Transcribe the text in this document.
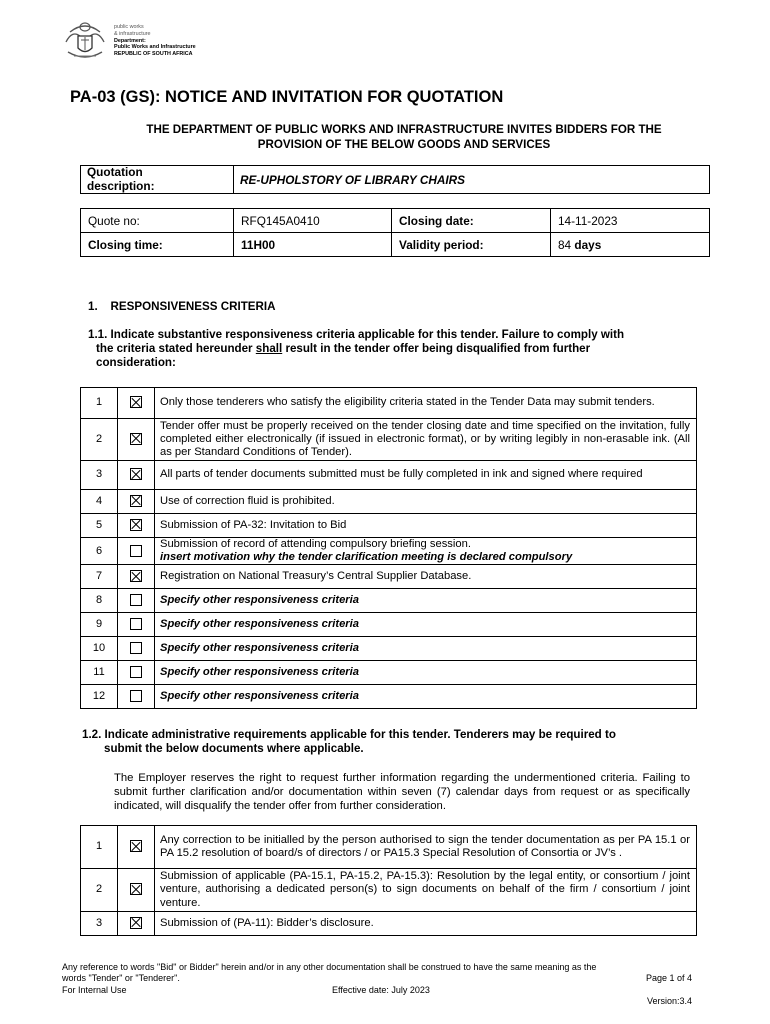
public works
& infrastructure
Department:
Public Works and Infrastructure
REPUBLIC OF SOUTH AFRICA
PA-03 (GS): NOTICE AND INVITATION FOR QUOTATION
THE DEPARTMENT OF PUBLIC WORKS AND INFRASTRUCTURE INVITES BIDDERS FOR THE
PROVISION OF THE BELOW GOODS AND SERVICES
Quotation
description:	RE-UPHOLSTORY OF LIBRARY CHAIRS
Quote no:	RFQ145A0410	Closing date:	14-11-2023
Closing time:	11H00	Validity period:	84 days
1.    RESPONSIVENESS CRITERIA
1.1. Indicate substantive responsiveness criteria applicable for this tender. Failure to comply with
the criteria stated hereunder shall result in the tender offer being disqualified from further
consideration:
1		Only those tenderers who satisfy the eligibility criteria stated in the Tender Data may submit tenders.

2		Tender offer must be properly received on the tender closing date and time specified on the invitation, fully completed either electronically (if issued in electronic format), or by writing legibly in non-erasable ink. (All as per Standard Conditions of Tender).

3		All parts of tender documents submitted must be fully completed in ink and signed where required

4		Use of correction fluid is prohibited.

5		Submission of PA-32: Invitation to Bid

6		Submission of record of attending compulsory briefing session.
insert motivation why the tender clarification meeting is declared compulsory

7		Registration on National Treasury’s Central Supplier Database.

8		Specify other responsiveness criteria

9		Specify other responsiveness criteria

10		Specify other responsiveness criteria

11		Specify other responsiveness criteria

12		Specify other responsiveness criteria
1.2. Indicate administrative requirements applicable for this tender. Tenderers may be required to
submit the below documents where applicable.
The Employer reserves the right to request further information regarding the undermentioned criteria. Failing to submit further clarification and/or documentation within seven (7) calendar days from request or as specifically indicated, will disqualify the tender offer from further consideration.
1		Any correction to be initialled by the person authorised to sign the tender documentation as per PA 15.1 or PA 15.2 resolution of board/s of directors / or PA15.3 Special Resolution of Consortia or JV’s .

2		Submission of applicable (PA-15.1, PA-15.2, PA-15.3): Resolution by the legal entity, or consortium / joint venture, authorising a dedicated person(s) to sign documents on behalf of the firm / consortium / joint venture.

3		Submission of (PA-11): Bidder’s disclosure.
Any reference to words "Bid" or Bidder" herein and/or in any other documentation shall be construed to have the same meaning as the
words "Tender" or "Tenderer".	Page 1 of 4
For Internal Use	Effective date: July 2023
Version:3.4
